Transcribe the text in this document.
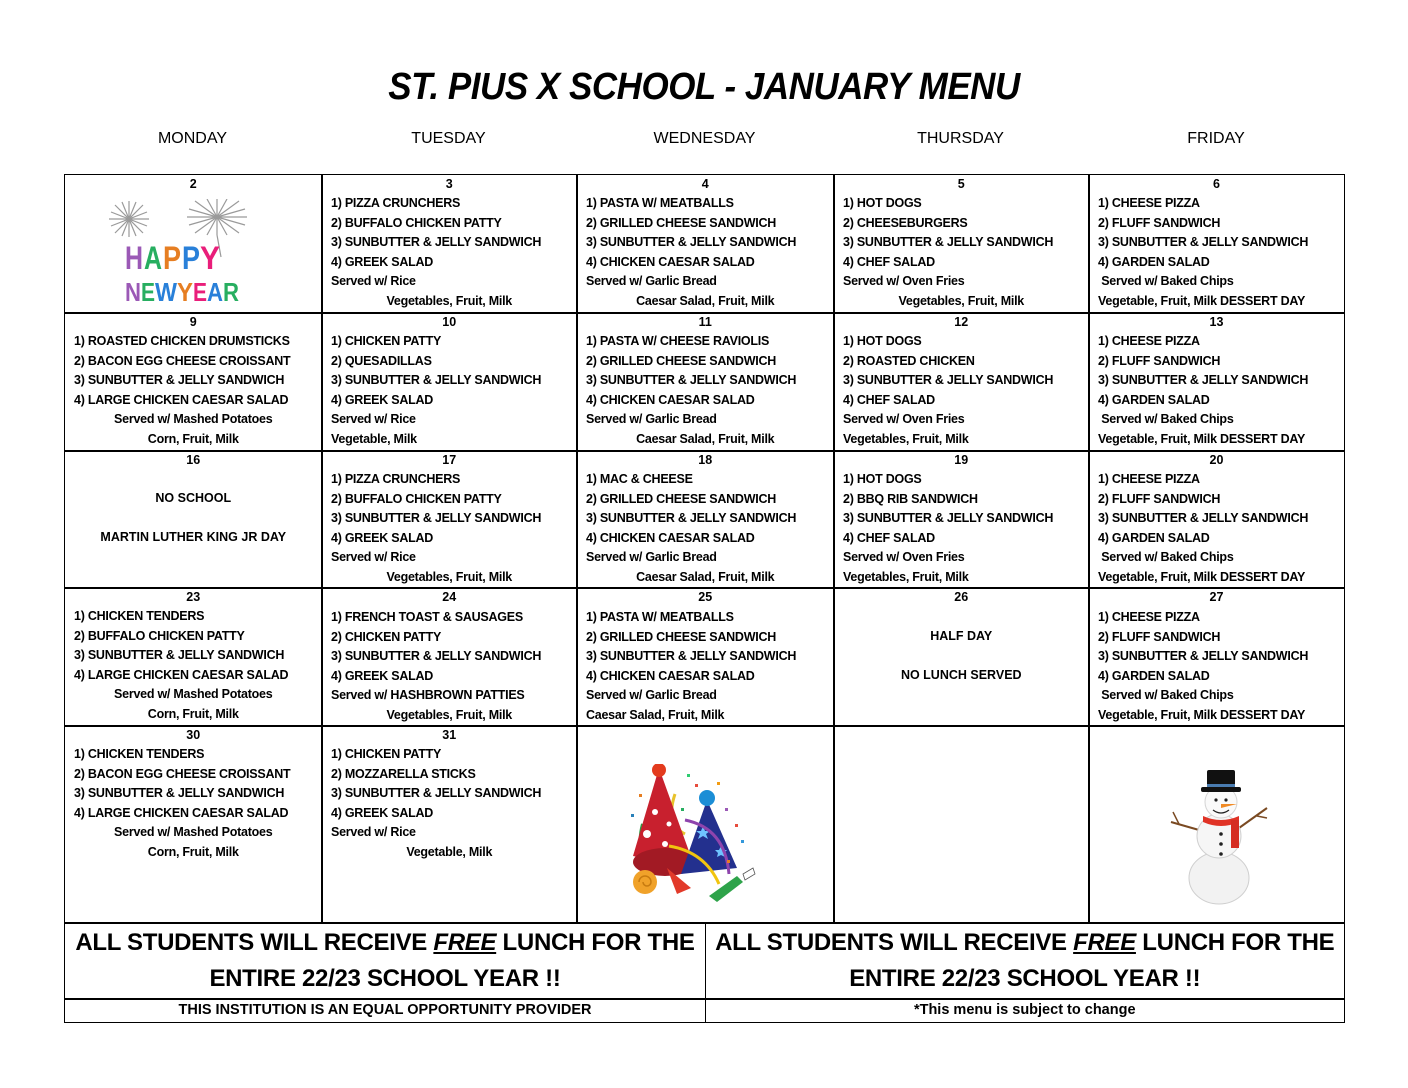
ST. PIUS X SCHOOL - JANUARY MENU
MONDAY	TUESDAY	WEDNESDAY	THURSDAY	FRIDAY
2
H A P P Y
N E W Y E A R
3
1) PIZZA CRUNCHERS
2) BUFFALO CHICKEN PATTY
3) SUNBUTTER & JELLY SANDWICH
4) GREEK SALAD
Served w/ Rice
Vegetables, Fruit, Milk
4
1) PASTA W/ MEATBALLS
2) GRILLED CHEESE SANDWICH
3) SUNBUTTER & JELLY SANDWICH
4) CHICKEN CAESAR SALAD
Served w/ Garlic Bread
Caesar Salad, Fruit, Milk
5
1) HOT DOGS
2) CHEESEBURGERS
3) SUNBUTTER & JELLY SANDWICH
4) CHEF SALAD
Served w/ Oven Fries
Vegetables, Fruit, Milk
6
1) CHEESE PIZZA
2) FLUFF SANDWICH
3) SUNBUTTER & JELLY SANDWICH
4) GARDEN SALAD
Served w/ Baked Chips
Vegetable, Fruit, Milk DESSERT DAY
9
1) ROASTED CHICKEN DRUMSTICKS
2) BACON EGG CHEESE CROISSANT
3) SUNBUTTER & JELLY SANDWICH
4) LARGE CHICKEN CAESAR SALAD
Served w/ Mashed Potatoes
Corn, Fruit, Milk
10
1) CHICKEN PATTY
2) QUESADILLAS
3) SUNBUTTER & JELLY SANDWICH
4) GREEK SALAD
Served w/ Rice
Vegetable, Milk
11
1) PASTA W/ CHEESE RAVIOLIS
2) GRILLED CHEESE SANDWICH
3) SUNBUTTER & JELLY SANDWICH
4) CHICKEN CAESAR SALAD
Served w/ Garlic Bread
Caesar Salad, Fruit, Milk
12
1) HOT DOGS
2) ROASTED CHICKEN
3) SUNBUTTER & JELLY SANDWICH
4) CHEF SALAD
Served w/ Oven Fries
Vegetables, Fruit, Milk
13
1) CHEESE PIZZA
2) FLUFF SANDWICH
3) SUNBUTTER & JELLY SANDWICH
4) GARDEN SALAD
Served w/ Baked Chips
Vegetable, Fruit, Milk DESSERT DAY
16
NO SCHOOL
MARTIN LUTHER KING JR DAY
17
1) PIZZA CRUNCHERS
2) BUFFALO CHICKEN PATTY
3) SUNBUTTER & JELLY SANDWICH
4) GREEK SALAD
Served w/ Rice
Vegetables, Fruit, Milk
18
1) MAC & CHEESE
2) GRILLED CHEESE SANDWICH
3) SUNBUTTER & JELLY SANDWICH
4) CHICKEN CAESAR SALAD
Served w/ Garlic Bread
Caesar Salad, Fruit, Milk
19
1) HOT DOGS
2) BBQ RIB SANDWICH
3) SUNBUTTER & JELLY SANDWICH
4) CHEF SALAD
Served w/ Oven Fries
Vegetables, Fruit, Milk
20
1) CHEESE PIZZA
2) FLUFF SANDWICH
3) SUNBUTTER & JELLY SANDWICH
4) GARDEN SALAD
Served w/ Baked Chips
Vegetable, Fruit, Milk DESSERT DAY
23
1) CHICKEN TENDERS
2) BUFFALO CHICKEN PATTY
3) SUNBUTTER & JELLY SANDWICH
4) LARGE CHICKEN CAESAR SALAD
Served w/ Mashed Potatoes
Corn, Fruit, Milk
24
1) FRENCH TOAST & SAUSAGES
2) CHICKEN PATTY
3) SUNBUTTER & JELLY SANDWICH
4) GREEK SALAD
Served w/ HASHBROWN PATTIES
Vegetables, Fruit, Milk
25
1) PASTA W/ MEATBALLS
2) GRILLED CHEESE SANDWICH
3) SUNBUTTER & JELLY SANDWICH
4) CHICKEN CAESAR SALAD
Served w/ Garlic Bread
Caesar Salad, Fruit, Milk
26
HALF DAY
NO LUNCH SERVED
27
1) CHEESE PIZZA
2) FLUFF SANDWICH
3) SUNBUTTER & JELLY SANDWICH
4) GARDEN SALAD
Served w/ Baked Chips
Vegetable, Fruit, Milk DESSERT DAY
30
1) CHICKEN TENDERS
2) BACON EGG CHEESE CROISSANT
3) SUNBUTTER & JELLY SANDWICH
4) LARGE CHICKEN CAESAR SALAD
Served w/ Mashed Potatoes
Corn, Fruit, Milk
31
1) CHICKEN PATTY
2) MOZZARELLA STICKS
3) SUNBUTTER & JELLY SANDWICH
4) GREEK SALAD
Served w/ Rice
Vegetable, Milk
ALL STUDENTS WILL RECEIVE FREE LUNCH FOR THE
ENTIRE 22/23 SCHOOL YEAR !!
ALL STUDENTS WILL RECEIVE FREE LUNCH FOR THE
ENTIRE 22/23 SCHOOL YEAR !!
THIS INSTITUTION IS AN EQUAL OPPORTUNITY PROVIDER	*This menu is subject to change
